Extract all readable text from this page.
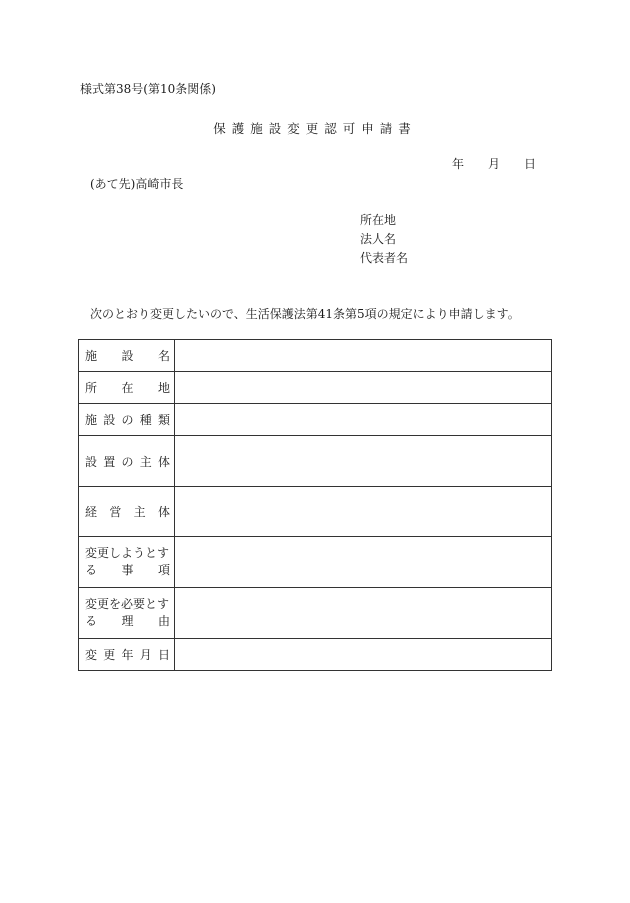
様式第38号(第10条関係)
保護施設変更認可申請書
年	月	日
(あて先)高崎市長
所在地
法人名
代表者名
次のとおり変更したいので、生活保護法第41条第5項の規定により申請します。
施 設 名	

所 在 地	

施 設 の 種 類	

設 置 の 主 体	

経 営 主 体	

変更しようとす
る 事 項	

変更を必要とす
る 理 由	

変 更 年 月 日	
